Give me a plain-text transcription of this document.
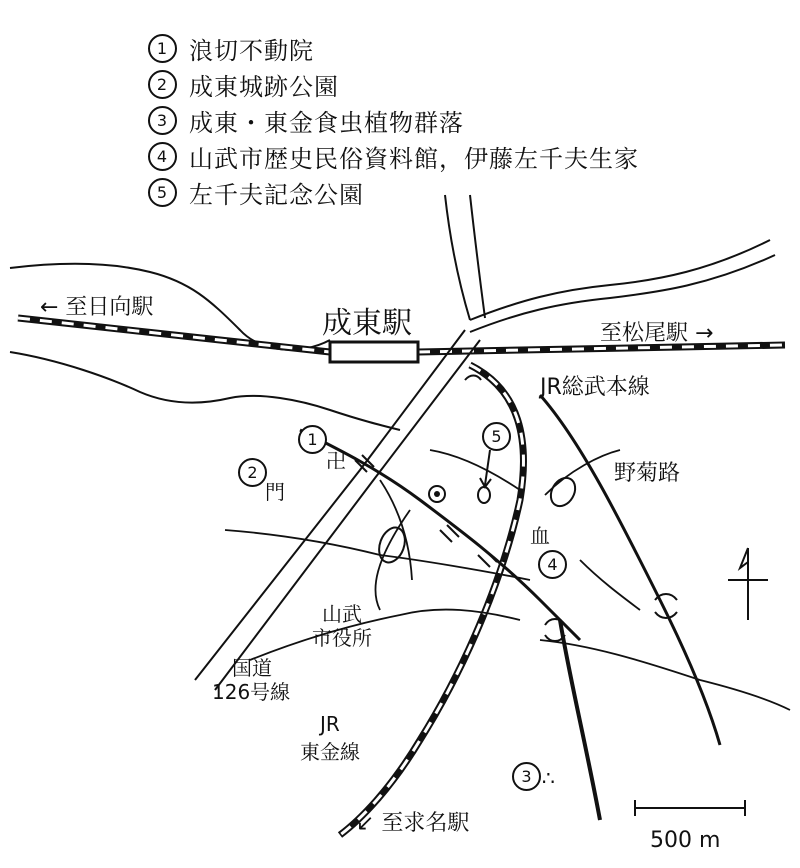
1 浪切不動院
2 成東城跡公園
3 成東・東金食虫植物群落
4 山武市歴史民俗資料館，伊藤左千夫生家
5 左千夫記念公園
成東駅
← 至日向駅
至松尾駅 →
JR総武本線
野菊路
山武
市役所
国道
126号線
JR
東金線
↙ 至求名駅
500 m
1
2
3
4
5
卍
門
血
∴
